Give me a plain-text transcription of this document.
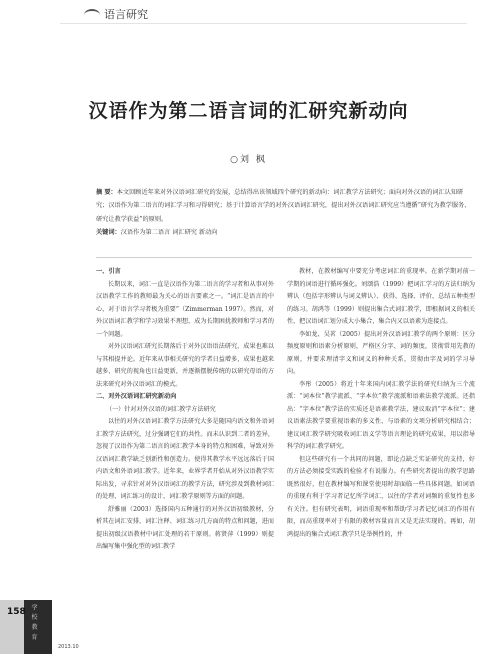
语言研究
汉语作为第二语言词的汇研究新动向
○刘 枫

摘 要：本文回顾近年来对外汉语词汇研究的发展，总结得出该领域四个研究的新动向：词汇教学方法研究；面向对外汉语的词汇认知研究；汉语作为第二语言的词汇学习和习得研究；基于计算语言学的对外汉语词汇研究，提出对外汉语词汇研究应当遵循“研究为教学服务、研究让教学获益”的原则。

关键词：汉语作为第二语言 词汇研究 新动向

一、引言

长期以来，词汇一直是汉语作为第二语言的学习者和从事对外汉语教学工作的教师最为关心的语言要素之一。“词汇是语言的中心，对于语言学习者极为重要”（Zimmerman 1997）。然而，对外汉语词汇教学和学习效果不理想，成为长期困扰教师和学习者的一个问题。

对外汉语词汇研究长期落后于对外汉语语法研究，成果也难以与其相提并论。近年来从事相关研究的学者日益增多，成果也越来越多，研究的视角也日益更新，并逐渐摆脱传统的以研究母语的方法来研究对外汉语词汇的模式。

二、对外汉语词汇研究新动向
（一）针对对外汉语的词汇教学方法研究

以往的对外汉语词汇教学方法研究大多是随国内语文和外语词汇教学方法研究，过分强调它们的共性。而未认识到二者的差异，忽视了汉语作为第二语言的词汇教学本身的特点和困难，导致对外汉语词汇教学缺乏创新性和创造力。使得其教学水平远远落后于国内语文和外语词汇教学。近年来，业界学者开始从对外汉语教学实际出发，寻求针对对外汉语词汇的教学方法，研究涉及到教材词汇的处理、词汇练习的设计、词汇教学原则等方面的问题。

舒雅丽（2003）选择国内五种通行的对外汉语初级教材，分析其在词汇安排、词汇注释、词汇练习几方面的特点和问题，进而提出初级汉语教材中词汇处理的若干原则。蒋贤萍（1999）则提出编写集中强化型的词汇教学

教材，在教材编写中要充分考虑词汇的重现率。在新学期对前一学期的词语进行循环强化。刘颂浩（1999）把词汇学习的方法归纳为辨认（包括字形辨认与词义辨认）、获得、选择、评价、总结五种类型的练习。胡鸿等（1999）则提出集合式词汇教学，即根据词义的相关性，把汉语词汇划分成大小集合，集合内又以语素为连接点。

李如龙、吴茗（2005）提出对外汉语词汇教学的两个原则：区分频度原则和语素分析原则，严格区分字、词的频度，贯彻常用先教的原则，并要求理清字义和词义的种种关系，贯彻由字及词的学习导向。

李彤（2005）将近十年来国内词汇教学法的研究归纳为三个流派：“词本位”教学流派、“字本位”教学流派和语素法教学流派。还指出：“字本位”教学法的实质还是语素教学法，建议取消“字本位”；建议语素法教学要重视语素的多义性、与语素的文项分析研究相结合；建议词汇教学研究吸收词汇语义学等语言理论的研究成果，用以指导科学的词汇教学研究。

但这些研究有一个共同的问题，即论点缺乏实证研究的支持，好的方法必须接受实践的检验才有说服力。有些研究者提出的教学思路既然很好，但在教材编写和课堂使用时却面临一些具体问题。如词语的重现有利于学习者记忆所学词汇，以往的学者对词频的重复性也多有关注。但有研究表明，词语重现率和帮助学习者记忆词汇的作用有限，而高重现率对于有限的教材容量而言又是无法实现的。再如，胡鸿提出的集合式词汇教学只是举例性的，并

158 学 校 教 育
2013.10
